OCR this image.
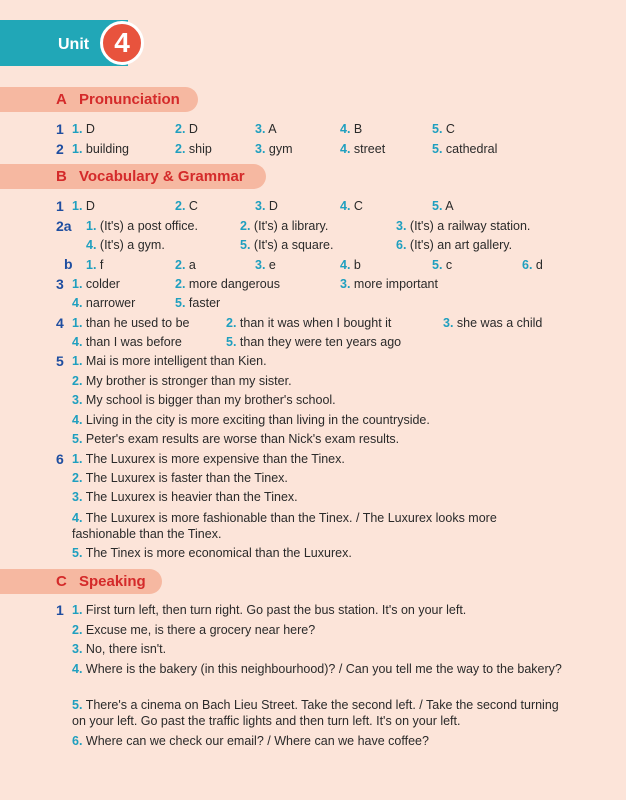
Unit 4
A Pronunciation
1 1. D	2. D	3. A	4. B	5. C
2 1. building	2. ship	3. gym	4. street	5. cathedral
B Vocabulary & Grammar
1 1. D	2. C	3. D	4. C	5. A
2a 1. (It's) a post office.	2. (It's) a library.	3. (It's) a railway station.
4. (It's) a gym.	5. (It's) a square.	6. (It's) an art gallery.
b 1. f	2. a	3. e	4. b	5. c	6. d
3 1. colder	2. more dangerous	3. more important
4. narrower	5. faster
4 1. than he used to be	2. than it was when I bought it	3. she was a child
4. than I was before	5. than they were ten years ago
5 1. Mai is more intelligent than Kien.
2. My brother is stronger than my sister.
3. My school is bigger than my brother's school.
4. Living in the city is more exciting than living in the countryside.
5. Peter's exam results are worse than Nick's exam results.
6 1. The Luxurex is more expensive than the Tinex.
2. The Luxurex is faster than the Tinex.
3. The Luxurex is heavier than the Tinex.
4. The Luxurex is more fashionable than the Tinex. / The Luxurex looks more fashionable than the Tinex.
5. The Tinex is more economical than the Luxurex.
C Speaking
1 1. First turn left, then turn right. Go past the bus station. It's on your left.
2. Excuse me, is there a grocery near here?
3. No, there isn't.
4. Where is the bakery (in this neighbourhood)? / Can you tell me the way to the bakery?
5. There's a cinema on Bach Lieu Street. Take the second left. / Take the second turning on your left. Go past the traffic lights and then turn left. It's on your left.
6. Where can we check our email? / Where can we have coffee?
